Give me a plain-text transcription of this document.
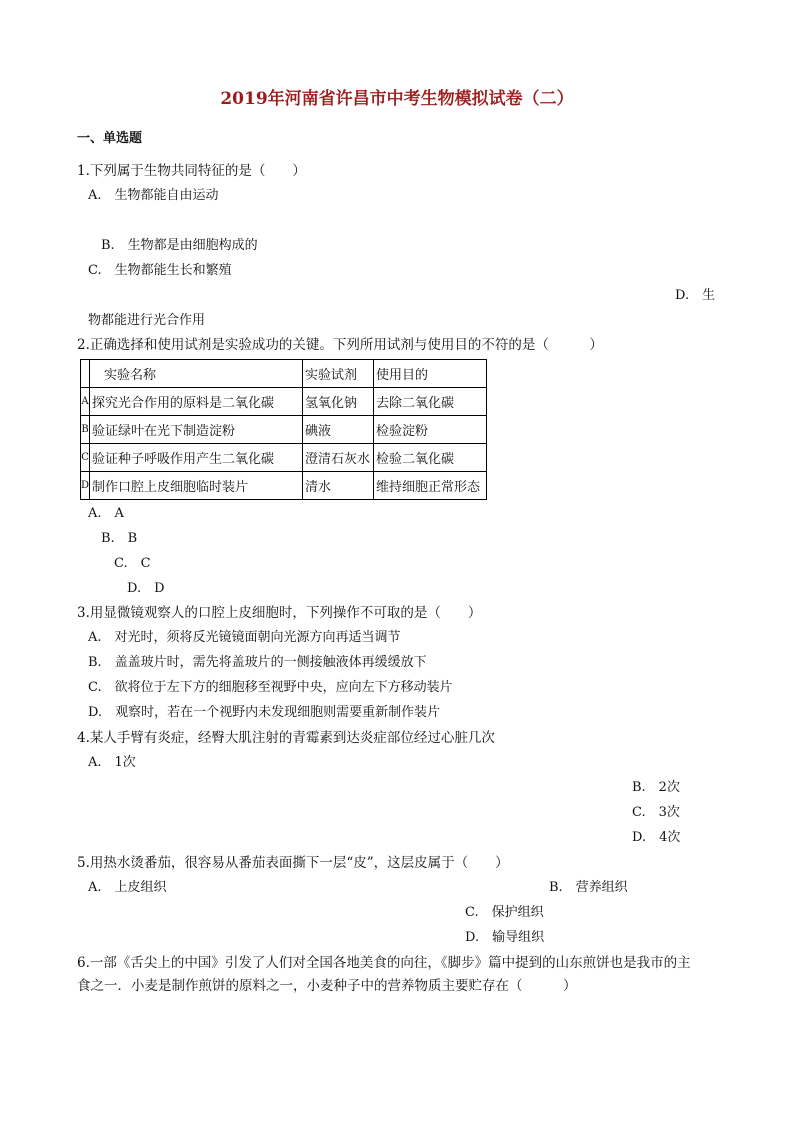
2019年河南省许昌市中考生物模拟试卷（二）
一、单选题
1.下列属于生物共同特征的是（　　）
A.　生物都能自由运动
B.　生物都是由细胞构成的
C.　生物都能生长和繁殖
D.　生
物都能进行光合作用
2.正确选择和使用试剂是实验成功的关键。下列所用试剂与使用目的不符的是（　　　）
	实验名称	实验试剂	使用目的
A	探究光合作用的原料是二氧化碳	氢氧化钠	去除二氧化碳
B	验证绿叶在光下制造淀粉	碘液	检验淀粉
C	验证种子呼吸作用产生二氧化碳	澄清石灰水	检验二氧化碳
D	制作口腔上皮细胞临时装片	清水	维持细胞正常形态
A.　A
B.　B
C.　C
D.　D
3.用显微镜观察人的口腔上皮细胞时，下列操作不可取的是（　　）
A.　对光时，须将反光镜镜面朝向光源方向再适当调节
B.　盖盖玻片时，需先将盖玻片的一侧接触液体再缓缓放下
C.　欲将位于左下方的细胞移至视野中央，应向左下方移动装片
D.　观察时，若在一个视野内未发现细胞则需要重新制作装片
4.某人手臂有炎症，经臀大肌注射的青霉素到达炎症部位经过心脏几次
A.　1次
B.　2次
C.　3次
D.　4次
5.用热水烫番茄，很容易从番茄表面撕下一层“皮”，这层皮属于（　　）
A.　上皮组织	B.　营养组织
C.　保护组织
D.　输导组织
6.一部《舌尖上的中国》引发了人们对全国各地美食的向往，《脚步》篇中提到的山东煎饼也是我市的主
食之一．小麦是制作煎饼的原料之一，小麦种子中的营养物质主要贮存在（　　　）
